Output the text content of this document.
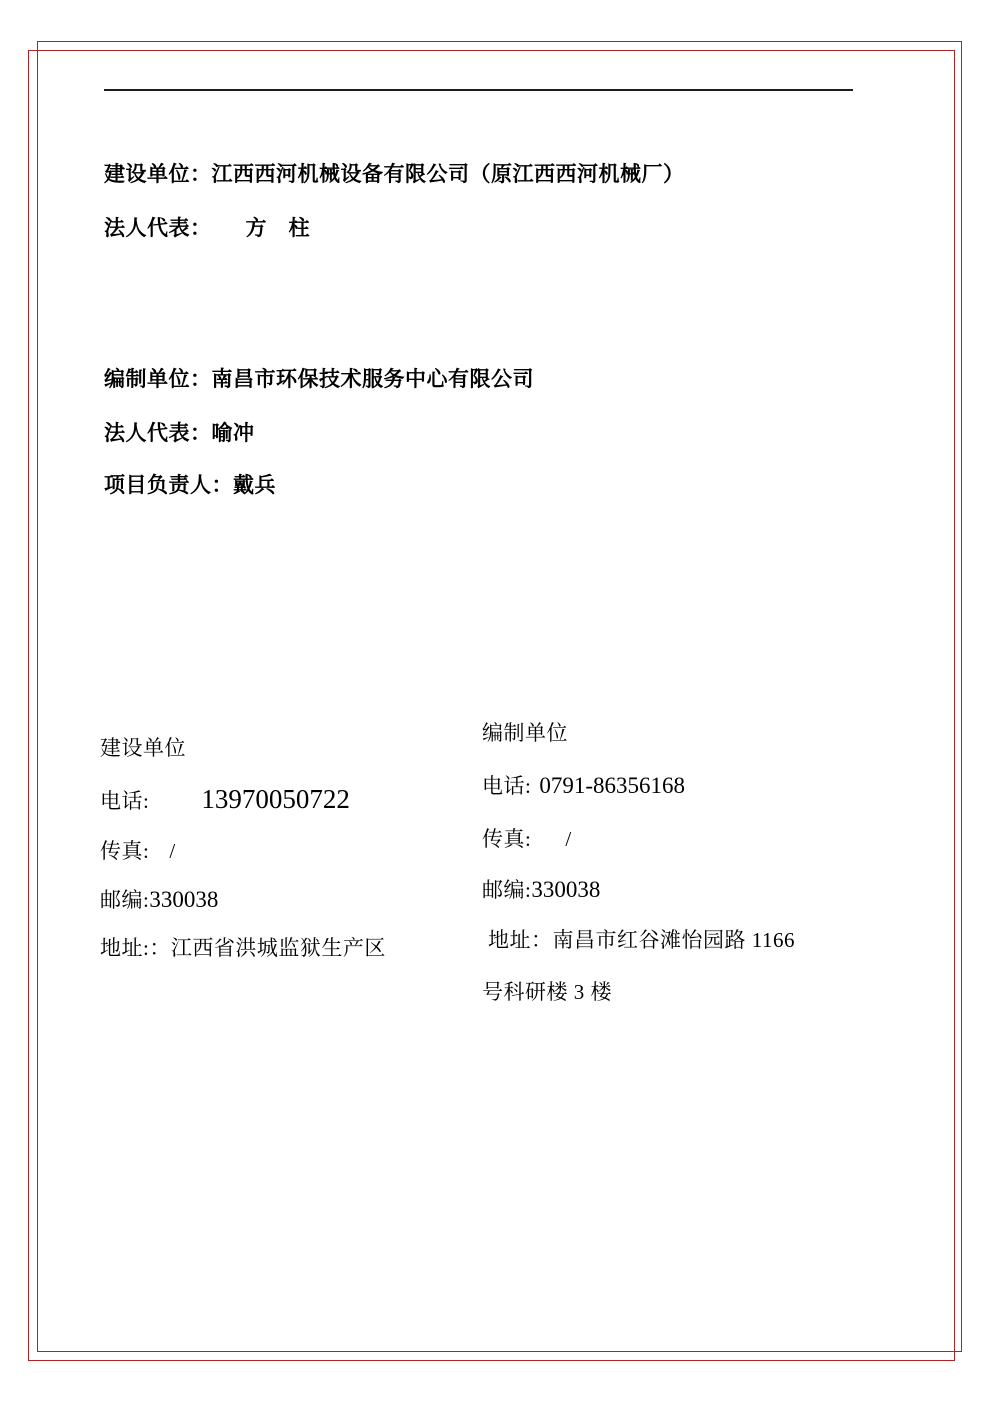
建设单位：江西西河机械设备有限公司（原江西西河机械厂）
法人代表： 方　柱
编制单位：南昌市环保技术服务中心有限公司
法人代表：喻冲
项目负责人：戴兵
建设单位
电话: 13970050722
传真: /
邮编:330038
地址:：江西省洪城监狱生产区
编制单位
电话: 0791-86356168
传真: /
邮编:330038
地址：南昌市红谷滩怡园路 1166
号科研楼 3 楼
